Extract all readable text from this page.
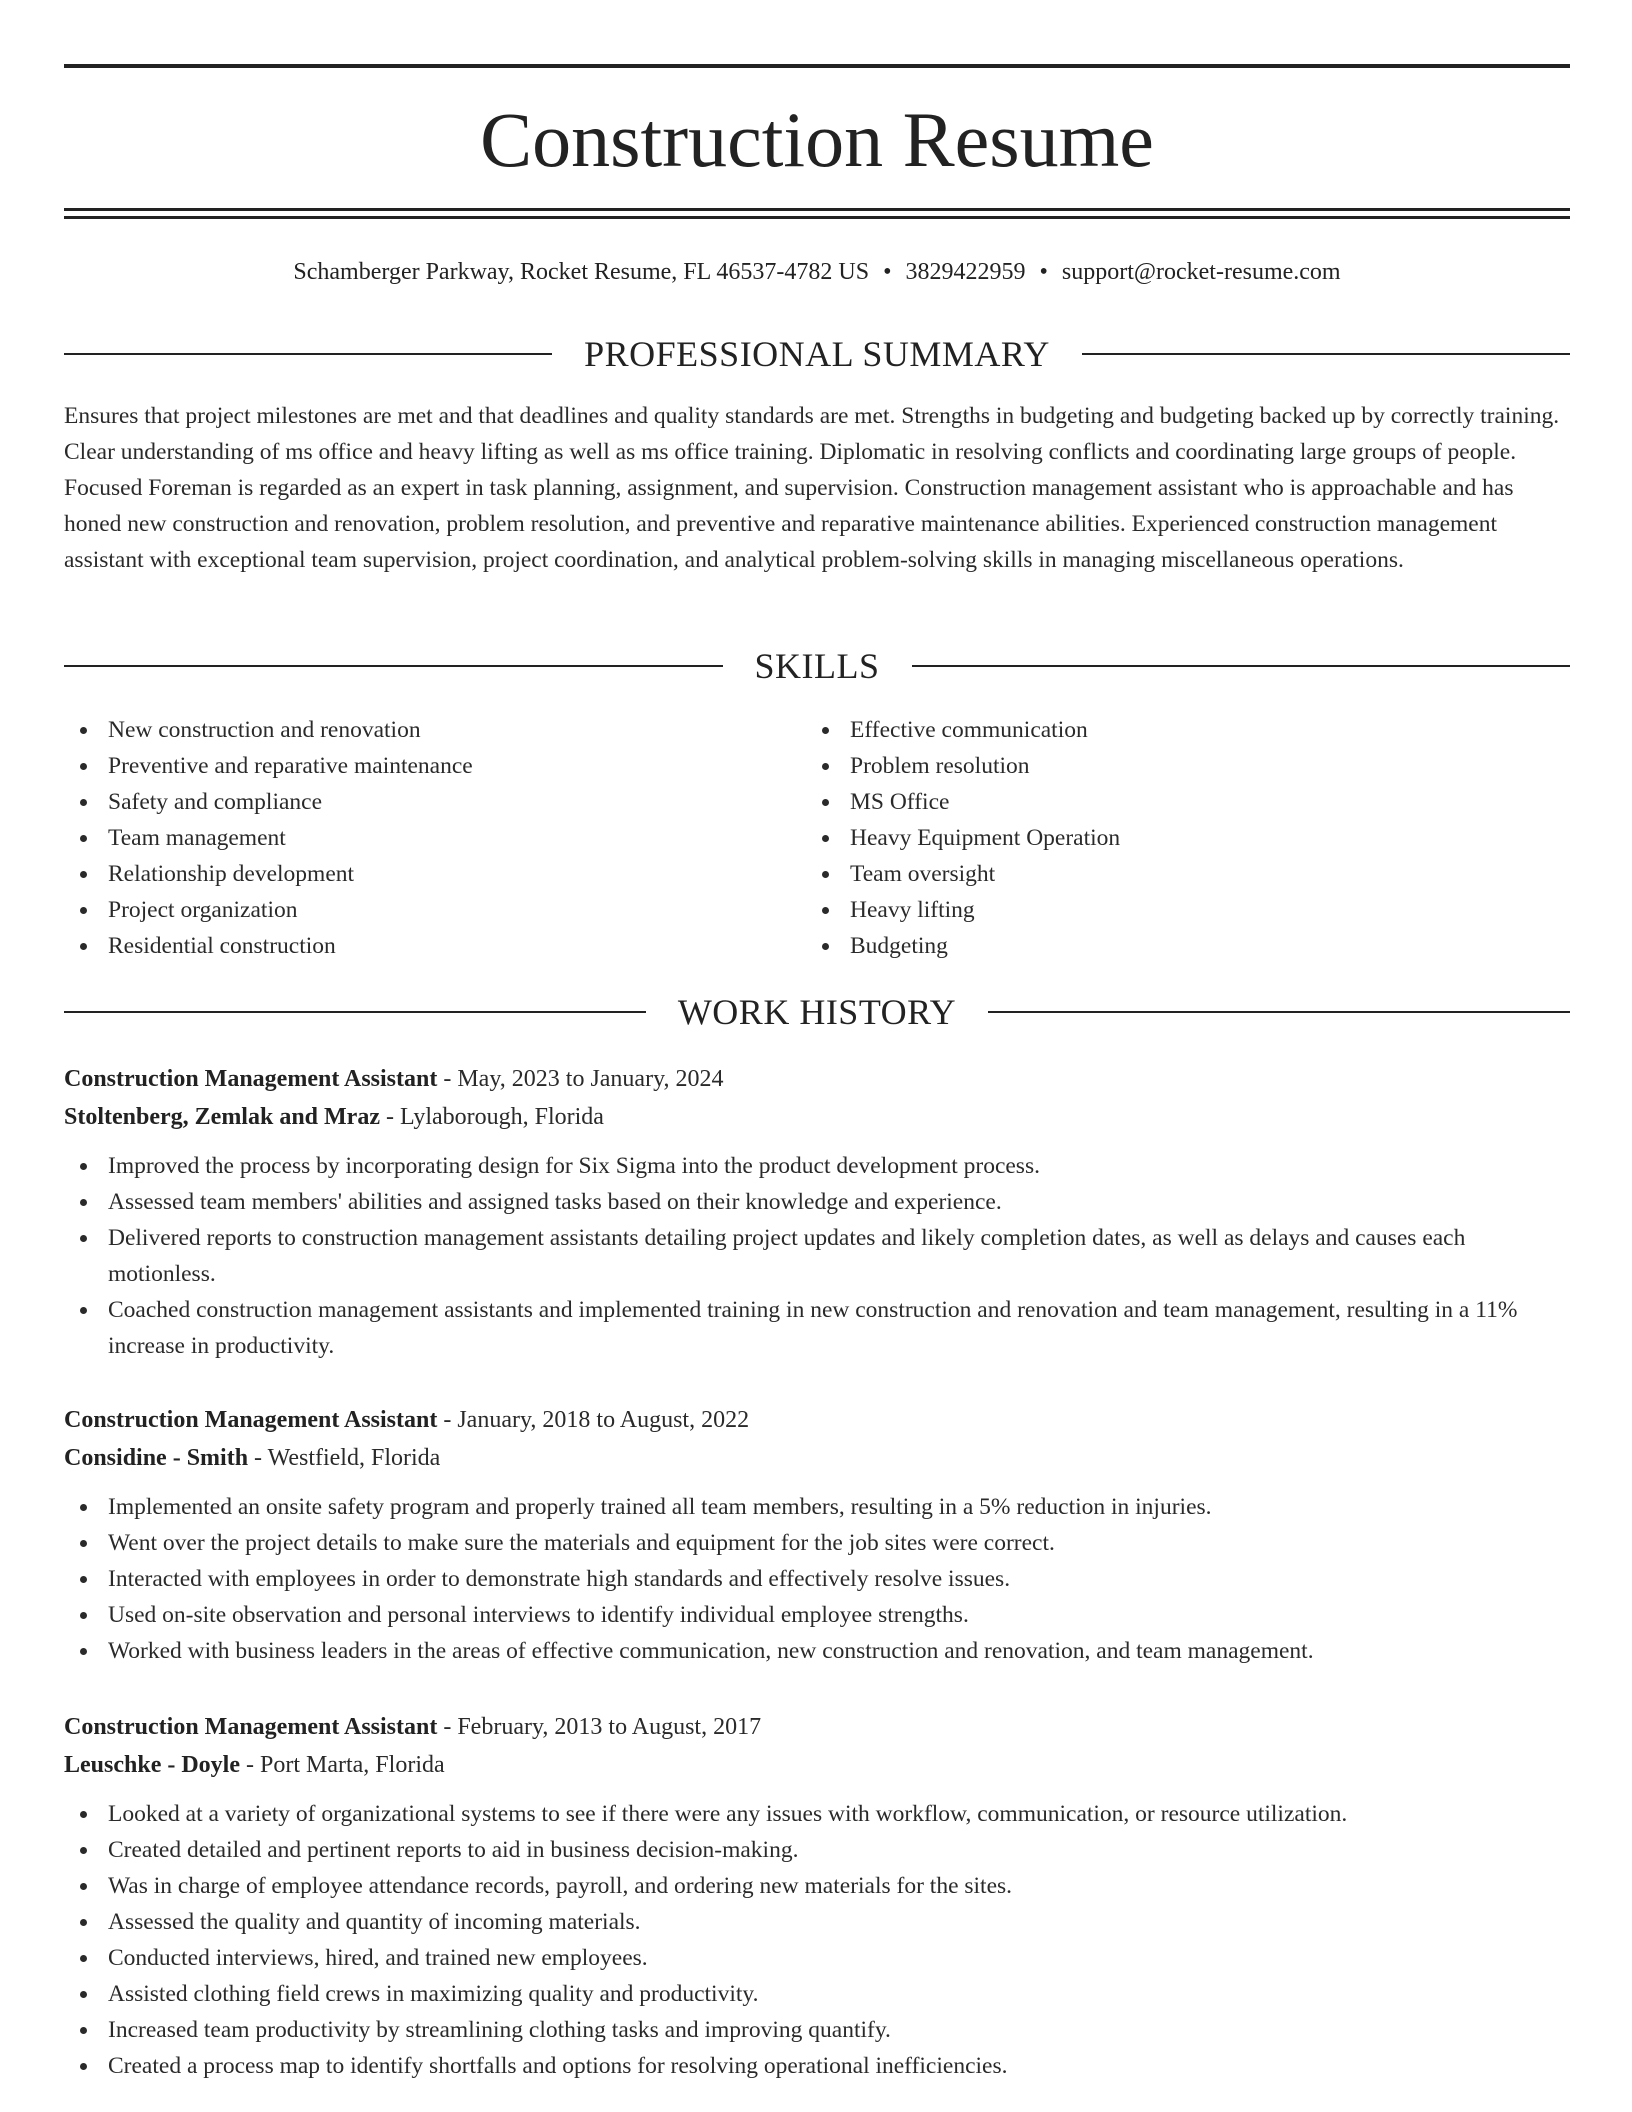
Construction Resume
Schamberger Parkway, Rocket Resume, FL 46537-4782 US • 3829422959 • support@rocket-resume.com
PROFESSIONAL SUMMARY

Ensures that project milestones are met and that deadlines and quality standards are met. Strengths in budgeting and budgeting backed up by correctly training. Clear understanding of ms office and heavy lifting as well as ms office training. Diplomatic in resolving conflicts and coordinating large groups of people. Focused Foreman is regarded as an expert in task planning, assignment, and supervision. Construction management assistant who is approachable and has honed new construction and renovation, problem resolution, and preventive and reparative maintenance abilities. Experienced construction management assistant with exceptional team supervision, project coordination, and analytical problem-solving skills in managing miscellaneous operations.

SKILLS
New construction and renovation
Preventive and reparative maintenance
Safety and compliance
Team management
Relationship development
Project organization
Residential construction
Effective communication
Problem resolution
MS Office
Heavy Equipment Operation
Team oversight
Heavy lifting
Budgeting
WORK HISTORY
Construction Management Assistant - May, 2023 to January, 2024
Stoltenberg, Zemlak and Mraz - Lylaborough, Florida
Improved the process by incorporating design for Six Sigma into the product development process.
Assessed team members' abilities and assigned tasks based on their knowledge and experience.
Delivered reports to construction management assistants detailing project updates and likely completion dates, as well as delays and causes each motionless.
Coached construction management assistants and implemented training in new construction and renovation and team management, resulting in a 11% increase in productivity.
Construction Management Assistant - January, 2018 to August, 2022
Considine - Smith - Westfield, Florida
Implemented an onsite safety program and properly trained all team members, resulting in a 5% reduction in injuries.
Went over the project details to make sure the materials and equipment for the job sites were correct.
Interacted with employees in order to demonstrate high standards and effectively resolve issues.
Used on-site observation and personal interviews to identify individual employee strengths.
Worked with business leaders in the areas of effective communication, new construction and renovation, and team management.
Construction Management Assistant - February, 2013 to August, 2017
Leuschke - Doyle - Port Marta, Florida
Looked at a variety of organizational systems to see if there were any issues with workflow, communication, or resource utilization.
Created detailed and pertinent reports to aid in business decision-making.
Was in charge of employee attendance records, payroll, and ordering new materials for the sites.
Assessed the quality and quantity of incoming materials.
Conducted interviews, hired, and trained new employees.
Assisted clothing field crews in maximizing quality and productivity.
Increased team productivity by streamlining clothing tasks and improving quantify.
Created a process map to identify shortfalls and options for resolving operational inefficiencies.
